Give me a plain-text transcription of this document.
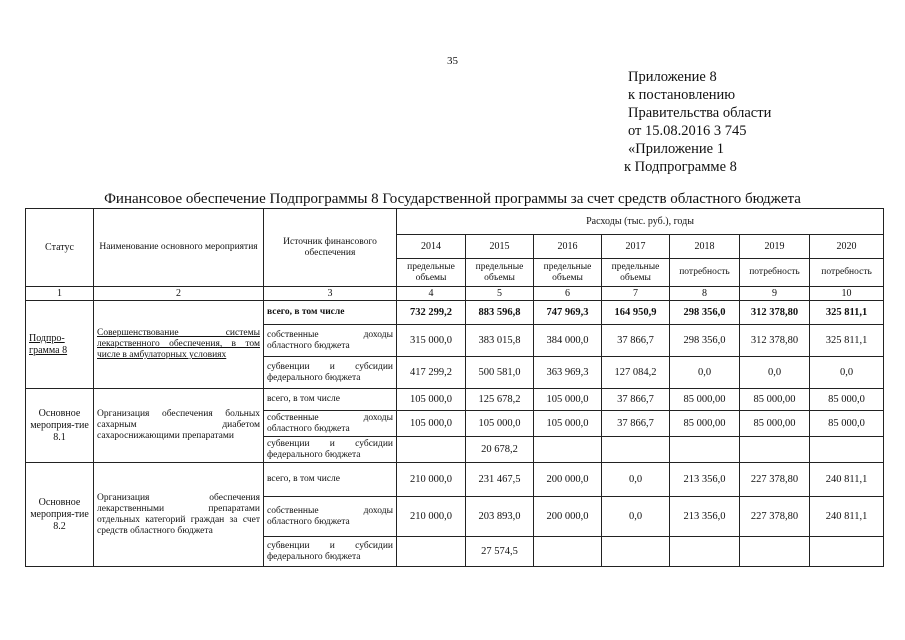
35
Приложение 8
к постановлению
Правительства области
от 15.08.2016 3 745
«Приложение 1
к Подпрограмме 8
Финансовое обеспечение Подпрограммы 8 Государственной программы за счет средств областного бюджета
Статус	Наименование основного мероприятия	Источник финансового обеспечения	Расходы (тыс. руб.), годы						
			2014	2015	2016	2017	2018	2019	2020
			предельные объемы	предельные объемы	предельные объемы	предельные объемы	потребность	потребность	потребность
1	2	3	4	5	6	7	8	9	10
Подпро-грамма 8	Совершенствование системы лекарственного обеспечения, в том числе в амбулаторных условиях	всего, в том числе	732 299,2	883 596,8	747 969,3	164 950,9	298 356,0	312 378,80	325 811,1
		собственные доходы областного бюджета	315 000,0	383 015,8	384 000,0	37 866,7	298 356,0	312 378,80	325 811,1
		субвенции и субсидии федерального бюджета	417 299,2	500 581,0	363 969,3	127 084,2	0,0	0,0	0,0
Основное мероприя-тие 8.1	Организация обеспечения больных сахарным диабетом сахароснижающими препаратами	всего, в том числе	105 000,0	125 678,2	105 000,0	37 866,7	85 000,00	85 000,00	85 000,0
		собственные доходы областного бюджета	105 000,0	105 000,0	105 000,0	37 866,7	85 000,00	85 000,00	85 000,0
		субвенции и субсидии федерального бюджета		20 678,2					
Основное мероприя-тие 8.2	Организация обеспечения лекарственными препаратами отдельных категорий граждан за счет средств областного бюджета	всего, в том числе	210 000,0	231 467,5	200 000,0	0,0	213 356,0	227 378,80	240 811,1
		собственные доходы областного бюджета	210 000,0	203 893,0	200 000,0	0,0	213 356,0	227 378,80	240 811,1
		субвенции и субсидии федерального бюджета		27 574,5					
